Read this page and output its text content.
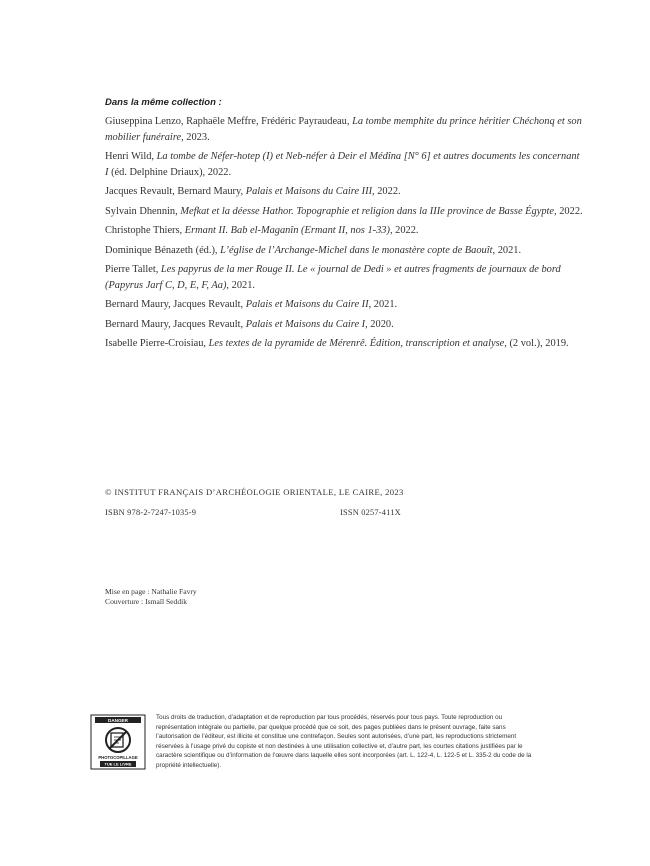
Dans la même collection :
Giuseppina Lenzo, Raphaële Meffre, Frédéric Payraudeau, La tombe memphite du prince héritier Chéchonq et son mobilier funéraire, 2023.
Henri Wild, La tombe de Néfer-hotep (I) et Neb-néfer à Deir el Médîna [N° 6] et autres documents les concernant I (éd. Delphine Driaux), 2022.
Jacques Revault, Bernard Maury, Palais et Maisons du Caire III, 2022.
Sylvain Dhennin, Mefkat et la déesse Hathor. Topographie et religion dans la IIIe province de Basse Égypte, 2022.
Christophe Thiers, Ermant II. Bab el-Maganîn (Ermant II, nos 1-33), 2022.
Dominique Bénazeth (éd.), L’église de l’Archange-Michel dans le monastère copte de Baouît, 2021.
Pierre Tallet, Les papyrus de la mer Rouge II. Le « journal de Dedi » et autres fragments de journaux de bord (Papyrus Jarf C, D, E, F, Aa), 2021.
Bernard Maury, Jacques Revault, Palais et Maisons du Caire II, 2021.
Bernard Maury, Jacques Revault, Palais et Maisons du Caire I, 2020.
Isabelle Pierre-Croisiau, Les textes de la pyramide de Mérenrê. Édition, transcription et analyse, (2 vol.), 2019.
© INSTITUT FRANÇAIS D’ARCHÉOLOGIE ORIENTALE, LE CAIRE, 2023
ISBN 978-2-7247-1035-9	ISSN 0257-411X
Mise en page : Nathalie Favry
Couverture : Ismaïl Seddik
DANGER
PHOTOCOPILLAGE
TUE LE LIVRE
Tous droits de traduction, d’adaptation et de reproduction par tous procédés, réservés pour tous pays. Toute reproduction ou représentation intégrale ou partielle, par quelque procédé que ce soit, des pages publiées dans le présent ouvrage, faite sans l’autorisation de l’éditeur, est illicite et constitue une contrefaçon. Seules sont autorisées, d’une part, les reproductions strictement réservées à l’usage privé du copiste et non destinées à une utilisation collective et, d’autre part, les courtes citations justifiées par le caractère scientifique ou d’information de l’œuvre dans laquelle elles sont incorporées (art. L. 122-4, L. 122-5 et L. 335-2 du code de la propriété intellectuelle).
